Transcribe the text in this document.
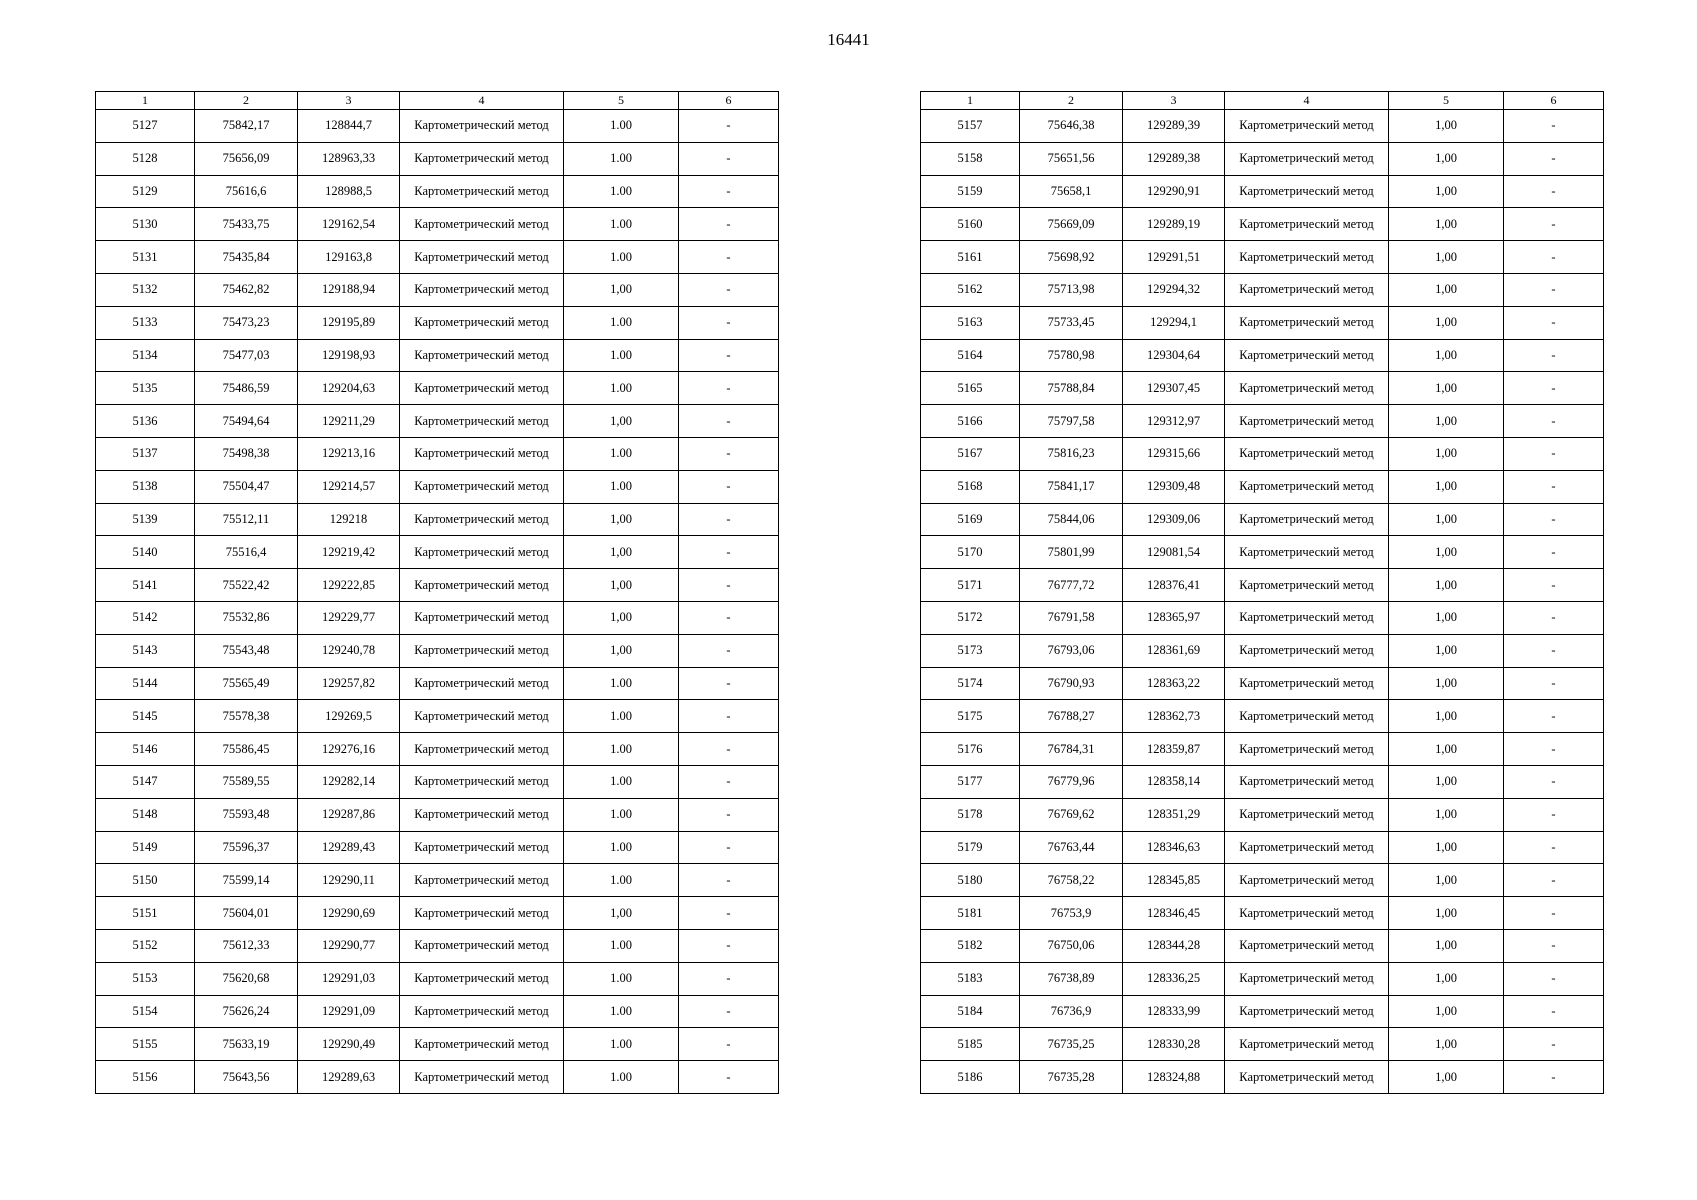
16441
1	2	3	4	5	6
5127	75842,17	128844,7	Картометрический метод	1.00	-
5128	75656,09	128963,33	Картометрический метод	1.00	-
5129	75616,6	128988,5	Картометрический метод	1.00	-
5130	75433,75	129162,54	Картометрический метод	1.00	-
5131	75435,84	129163,8	Картометрический метод	1.00	-
5132	75462,82	129188,94	Картометрический метод	1,00	-
5133	75473,23	129195,89	Картометрический метод	1.00	-
5134	75477,03	129198,93	Картометрический метод	1.00	-
5135	75486,59	129204,63	Картометрический метод	1.00	-
5136	75494,64	129211,29	Картометрический метод	1,00	-
5137	75498,38	129213,16	Картометрический метод	1.00	-
5138	75504,47	129214,57	Картометрический метод	1.00	-
5139	75512,11	129218	Картометрический метод	1,00	-
5140	75516,4	129219,42	Картометрический метод	1,00	-
5141	75522,42	129222,85	Картометрический метод	1,00	-
5142	75532,86	129229,77	Картометрический метод	1,00	-
5143	75543,48	129240,78	Картометрический метод	1,00	-
5144	75565,49	129257,82	Картометрический метод	1.00	-
5145	75578,38	129269,5	Картометрический метод	1.00	-
5146	75586,45	129276,16	Картометрический метод	1.00	-
5147	75589,55	129282,14	Картометрический метод	1.00	-
5148	75593,48	129287,86	Картометрический метод	1.00	-
5149	75596,37	129289,43	Картометрический метод	1.00	-
5150	75599,14	129290,11	Картометрический метод	1.00	-
5151	75604,01	129290,69	Картометрический метод	1,00	-
5152	75612,33	129290,77	Картометрический метод	1.00	-
5153	75620,68	129291,03	Картометрический метод	1.00	-
5154	75626,24	129291,09	Картометрический метод	1.00	-
5155	75633,19	129290,49	Картометрический метод	1.00	-
5156	75643,56	129289,63	Картометрический метод	1.00	-
1	2	3	4	5	6
5157	75646,38	129289,39	Картометрический метод	1,00	-
5158	75651,56	129289,38	Картометрический метод	1,00	-
5159	75658,1	129290,91	Картометрический метод	1,00	-
5160	75669,09	129289,19	Картометрический метод	1,00	-
5161	75698,92	129291,51	Картометрический метод	1,00	-
5162	75713,98	129294,32	Картометрический метод	1,00	-
5163	75733,45	129294,1	Картометрический метод	1,00	-
5164	75780,98	129304,64	Картометрический метод	1,00	-
5165	75788,84	129307,45	Картометрический метод	1,00	-
5166	75797,58	129312,97	Картометрический метод	1,00	-
5167	75816,23	129315,66	Картометрический метод	1,00	-
5168	75841,17	129309,48	Картометрический метод	1,00	-
5169	75844,06	129309,06	Картометрический метод	1,00	-
5170	75801,99	129081,54	Картометрический метод	1,00	-
5171	76777,72	128376,41	Картометрический метод	1,00	-
5172	76791,58	128365,97	Картометрический метод	1,00	-
5173	76793,06	128361,69	Картометрический метод	1,00	-
5174	76790,93	128363,22	Картометрический метод	1,00	-
5175	76788,27	128362,73	Картометрический метод	1,00	-
5176	76784,31	128359,87	Картометрический метод	1,00	-
5177	76779,96	128358,14	Картометрический метод	1,00	-
5178	76769,62	128351,29	Картометрический метод	1,00	-
5179	76763,44	128346,63	Картометрический метод	1,00	-
5180	76758,22	128345,85	Картометрический метод	1,00	-
5181	76753,9	128346,45	Картометрический метод	1,00	-
5182	76750,06	128344,28	Картометрический метод	1,00	-
5183	76738,89	128336,25	Картометрический метод	1,00	-
5184	76736,9	128333,99	Картометрический метод	1,00	-
5185	76735,25	128330,28	Картометрический метод	1,00	-
5186	76735,28	128324,88	Картометрический метод	1,00	-
